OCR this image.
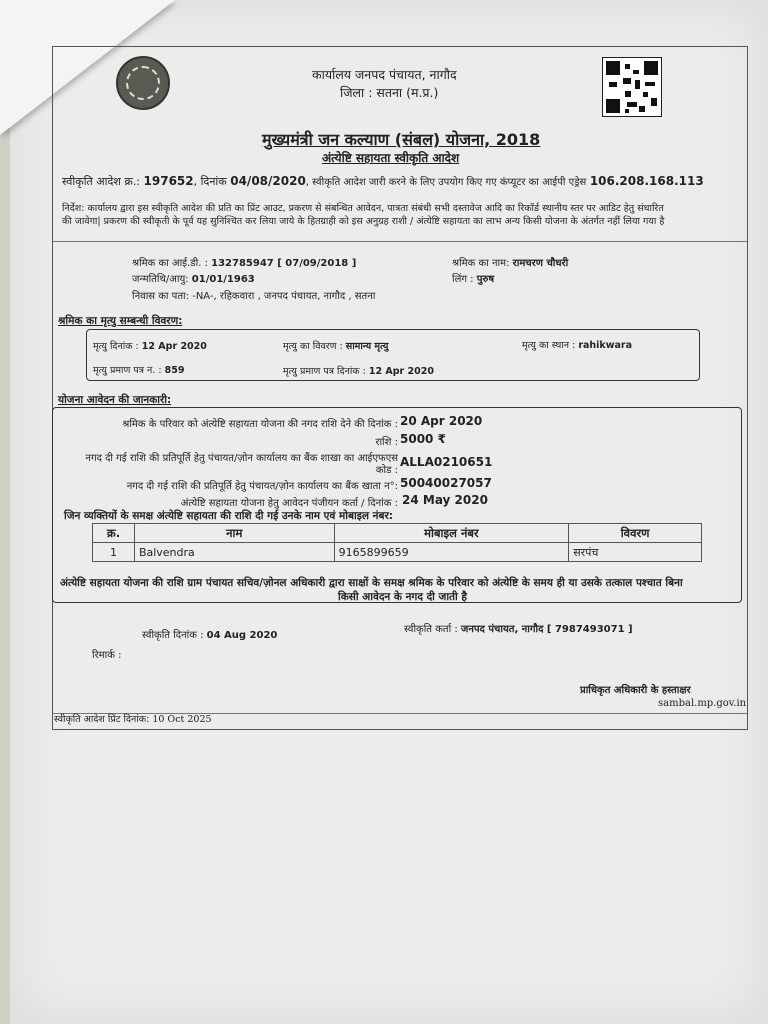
कार्यालय जनपद पंचायत, नागौद
जिला : सतना (म.प्र.)
मुख्यमंत्री जन कल्याण (संबल) योजना, 2018
अंत्येष्टि सहायता स्वीकृति आदेश
स्वीकृति आदेश क्र.: 197652, दिनांक 04/08/2020, स्वीकृति आदेश जारी करने के लिए उपयोग किए गए कंप्यूटर का आईपी एड्रेस 106.208.168.113
निर्देश: कार्यालय द्वारा इस स्वीकृति आदेश की प्रति का प्रिंट आउट, प्रकरण से संबन्धित आवेदन, पात्रता संबंधी सभी दस्तावेज आदि का रिकॉर्ड स्थानीय स्तर पर आडिट हेतु संधारित
की जावेगा| प्रकरण की स्वीकृती के पूर्व यह सुनिश्चित कर लिया जाये के हितग्राही को इस अनुग्रह राशी / अंत्येष्टि सहायता का लाभ अन्य किसी योजना के अंतर्गत नहीं लिया गया है
श्रमिक का आई.डी. : 132785947 [ 07/09/2018 ]	श्रमिक का नाम: रामचरण चौधरी
जन्मतिथि/आयु: 01/01/1963	लिंग : पुरुष
निवास का पता: -NA-, रहिकवारा , जनपद पंचायत, नागौद , सतना
श्रमिक का मृत्यु सम्बन्धी विवरण:
मृत्यु दिनांक : 12 Apr 2020	मृत्यु का विवरण : सामान्य मृत्यु	मृत्यु का स्थान : rahikwara
मृत्यु प्रमाण पत्र न. : 859	मृत्यु प्रमाण पत्र दिनांक : 12 Apr 2020
योजना आवेदन की जानकारी:
श्रमिक के परिवार को अंत्येष्टि सहायता योजना की नगद राशि देने की दिनांक : 20 Apr 2020
राशि : 5000 ₹
नगद दी गई राशि की प्रतिपूर्ति हेतु पंचायत/ज़ोन कार्यालय का बैंक शाखा का आईएफएस
कोड :
ALLA0210651
नगद दी गई राशि की प्रतिपूर्ति हेतु पंचायत/ज़ोन कार्यालय का बैंक खाता न°: 50040027057
अंत्येष्टि सहायता योजना हेतु आवेदन पंजीयन कर्ता / दिनांक : 24 May 2020
जिन व्यक्तियों के समक्ष अंत्येष्टि सहायता की राशि दी गई उनके नाम एवं मोबाइल नंबर:
क्र.	नाम	मोबाइल नंबर	विवरण
1	Balvendra	9165899659	सरपंच
अंत्येष्टि सहायता योजना की राशि ग्राम पंचायत सचिव/ज़ोनल अधिकारी द्वारा साक्षों के समक्ष श्रमिक के परिवार को अंत्येष्टि के समय ही या उसके तत्काल पश्चात बिना
किसी आवेदन के नगद दी जाती है
स्वीकृति दिनांक : 04 Aug 2020
स्वीकृति कर्ता : जनपद पंचायत, नागौद [ 7987493071 ]
रिमार्क :
प्राधिकृत अधिकारी के हस्ताक्षर
sambal.mp.gov.in
स्वीकृति आदेश प्रिंट दिनांक: 10 Oct 2025
